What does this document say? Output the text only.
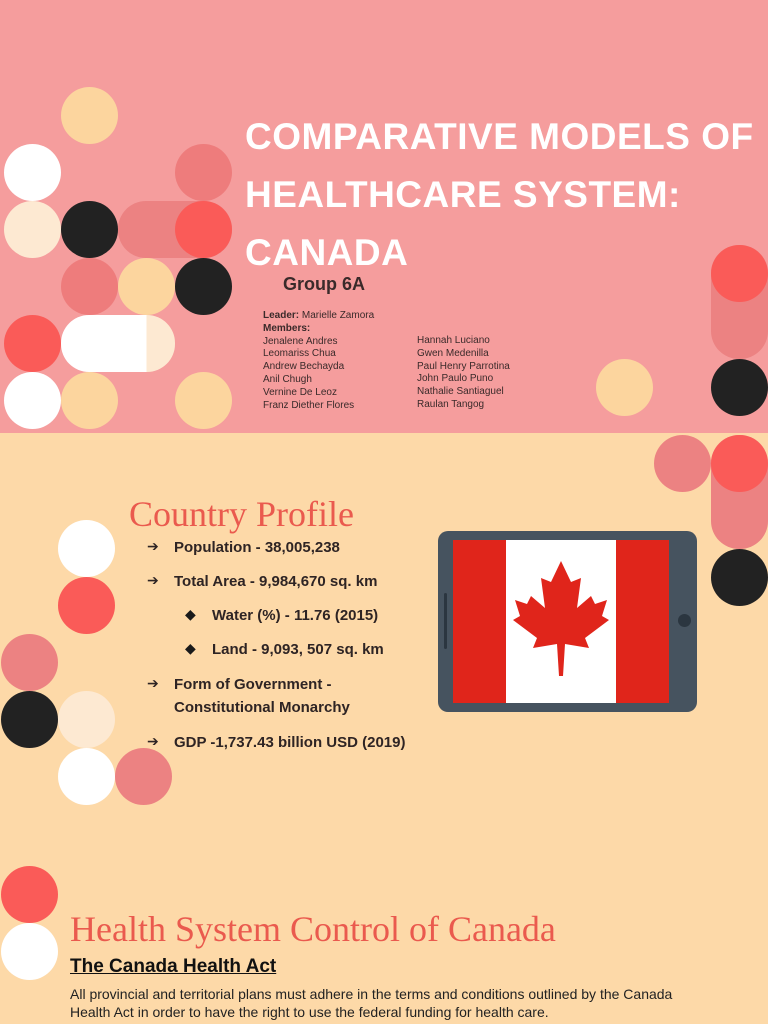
COMPARATIVE MODELS OF HEALTHCARE SYSTEM: CANADA

Group 6A

Leader: Marielle Zamora
Members:
Jenalene Andres
Leomariss Chua
Andrew Bechayda
Anil Chugh
Vernine De Leoz
Franz Diether Flores
Hannah Luciano
Gwen Medenilla
Paul Henry Parrotina
John Paulo Puno
Nathalie Santiaguel
Raulan Tangog
Country Profile
➔ Population - 38,005,238
➔ Total Area - 9,984,670 sq. km
◆ Water (%) - 11.76 (2015)
◆ Land - 9,093, 507 sq. km
➔ Form of Government -
Constitutional Monarchy
➔ GDP -1,737.43 billion USD (2019)
Health System Control of Canada

The Canada Health Act

All provincial and territorial plans must adhere in the terms and conditions outlined by the Canada Health Act in order to have the right to use the federal funding for health care.
